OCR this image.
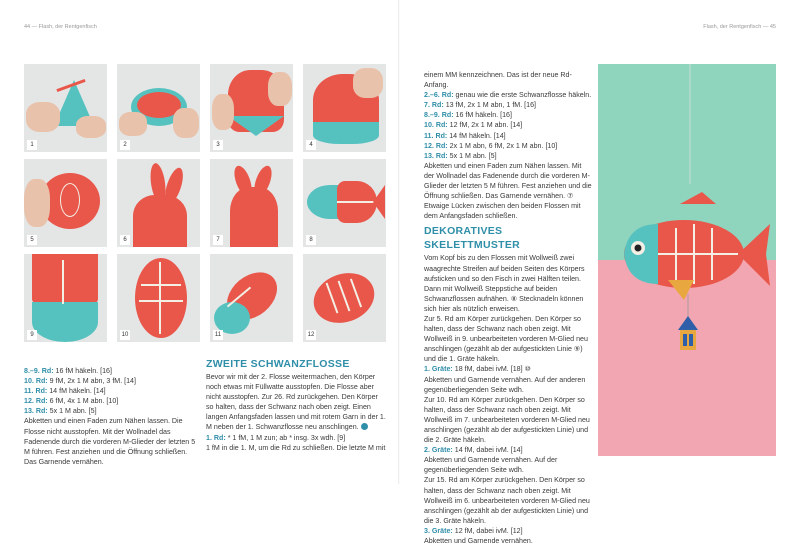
44 — Flash, der Rentgenfisch
1	2	3	4
5	6	7	8
9	10	11	12
8.–9. Rd: 16 fM häkeln. [16]
10. Rd: 9 fM, 2x 1 M abn, 3 fM. [14]
11. Rd: 14 fM häkeln. [14]
12. Rd: 6 fM, 4x 1 M abn. [10]
13. Rd: 5x 1 M abn. [5]
Abketten und einen Faden zum Nähen lassen. Die Flosse nicht ausstopfen. Mit der Wollnadel das Fadenende durch die vorderen M-Glieder der letzten 5 M führen. Fest anziehen und die Öffnung schließen. Das Garnende vernähen.
ZWEITE SCHWANZFLOSSE
Bevor wir mit der 2. Flosse weitermachen, den Körper noch etwas mit Füllwatte ausstopfen. Die Flosse aber nicht ausstopfen. Zur 26. Rd zurückgehen. Den Körper so halten, dass der Schwanz nach oben zeigt. Einen langen Anfangsfaden lassen und mit rotem Garn in der 1. M neben der 1. Schwanzflosse neu anschlingen.
1. Rd: * 1 fM, 1 M zun; ab * insg. 3x wdh. [9]
1 fM in die 1. M, um die Rd zu schließen. Die letzte M mit
Flash, der Rentgenfisch — 45
einem MM kennzeichnen. Das ist der neue Rd-Anfang.
2.–6. Rd: genau wie die erste Schwanzflosse häkeln.
7. Rd: 13 fM, 2x 1 M abn, 1 fM. [16]
8.–9. Rd: 16 fM häkeln. [16]
10. Rd: 12 fM, 2x 1 M abn. [14]
11. Rd: 14 fM häkeln. [14]
12. Rd: 2x 1 M abn, 6 fM, 2x 1 M abn. [10]
13. Rd: 5x 1 M abn. [5]
Abketten und einen Faden zum Nähen lassen. Mit der Wollnadel das Fadenende durch die vorderen M-Glieder der letzten 5 M führen. Fest anziehen und die Öffnung schließen. Das Garnende vernähen. ⑦ Etwaige Lücken zwischen den beiden Flossen mit dem Anfangsfaden schließen.
DEKORATIVES SKELETTMUSTER
Vom Kopf bis zu den Flossen mit Wollweiß zwei waagrechte Streifen auf beiden Seiten des Körpers aufsticken und so den Fisch in zwei Hälften teilen. Dann mit Wollweiß Steppstiche auf beiden Schwanzflossen aufnähen. ⑧ Stecknadeln können sich hier als nützlich erweisen.
Zur 5. Rd am Körper zurückgehen. Den Körper so halten, dass der Schwanz nach oben zeigt. Mit Wollweiß in 9. unbearbeiteten vorderen M-Glied neu anschlingen (gezählt ab der aufgestickten Linie ⑨) und die 1. Gräte häkeln.
1. Gräte: 18 fM, dabei ivM. [18] ⑩
Abketten und Garnende vernähen. Auf der anderen gegenüberliegenden Seite wdh.
Zur 10. Rd am Körper zurückgehen. Den Körper so halten, dass der Schwanz nach oben zeigt. Mit Wollweiß im 7. unbearbeiteten vorderen M-Glied neu anschlingen (gezählt ab der aufgestickten Linie) und die 2. Gräte häkeln.
2. Gräte: 14 fM, dabei ivM. [14]
Abketten und Garnende vernähen. Auf der gegenüberliegenden Seite wdh.
Zur 15. Rd am Körper zurückgehen. Den Körper so halten, dass der Schwanz nach oben zeigt. Mit Wollweiß im 6. unbearbeiteten vorderen M-Glied neu anschlingen (gezählt ab der aufgestickten Linie) und die 3. Gräte häkeln.
3. Gräte: 12 fM, dabei ivM. [12]
Abketten und Garnende vernähen.
